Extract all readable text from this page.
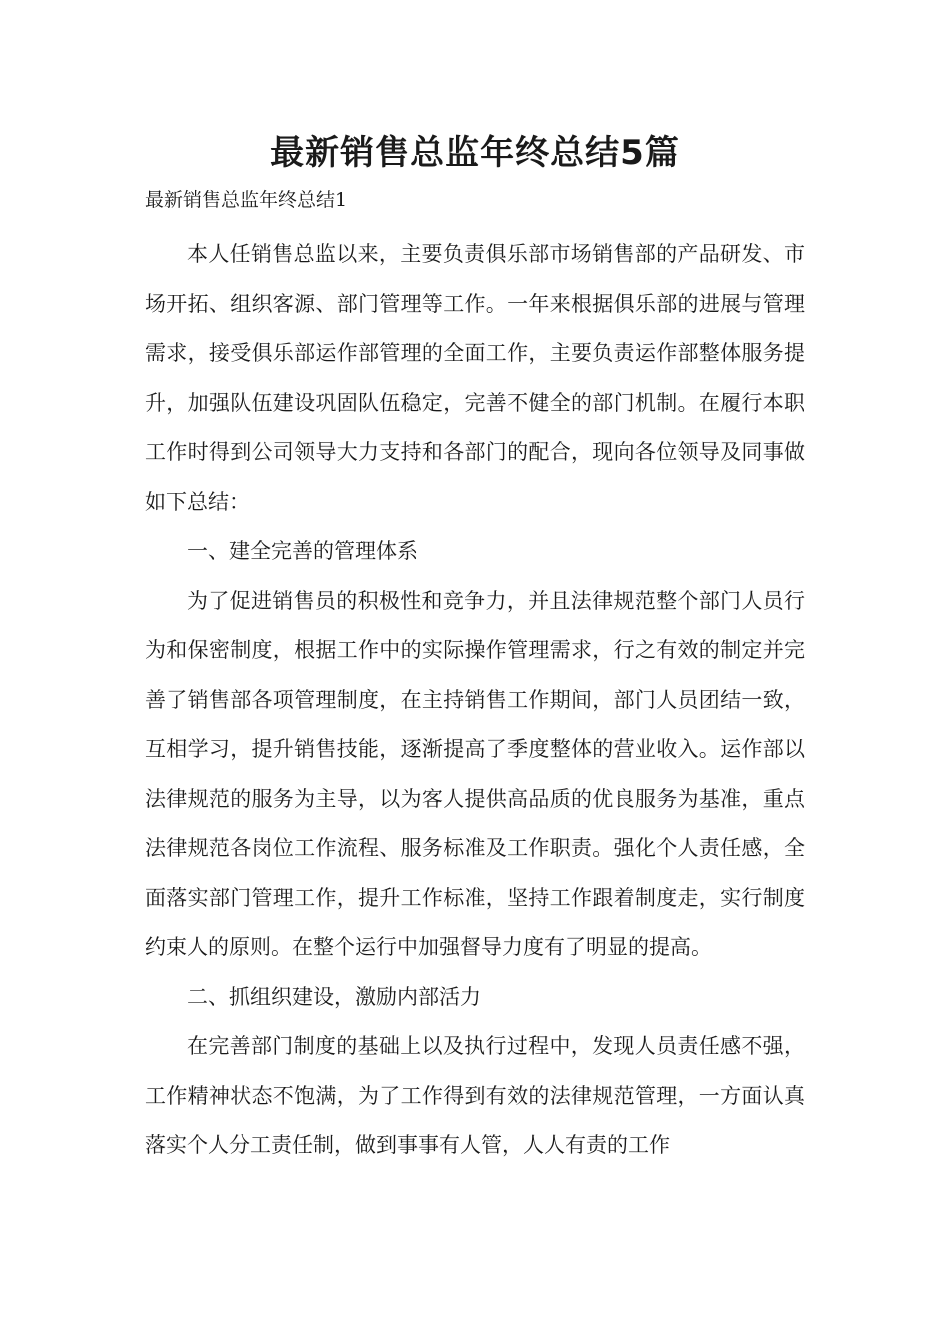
最新销售总监年终总结5篇
最新销售总监年终总结1

本人任销售总监以来，主要负责俱乐部市场销售部的产品研发、市场开拓、组织客源、部门管理等工作。一年来根据俱乐部的进展与管理需求，接受俱乐部运作部管理的全面工作，主要负责运作部整体服务提升，加强队伍建设巩固队伍稳定，完善不健全的部门机制。在履行本职工作时得到公司领导大力支持和各部门的配合，现向各位领导及同事做如下总结：

一、建全完善的管理体系

为了促进销售员的积极性和竞争力，并且法律规范整个部门人员行为和保密制度，根据工作中的实际操作管理需求，行之有效的制定并完善了销售部各项管理制度，在主持销售工作期间，部门人员团结一致，互相学习，提升销售技能，逐渐提高了季度整体的营业收入。运作部以法律规范的服务为主导，以为客人提供高品质的优良服务为基准，重点法律规范各岗位工作流程、服务标准及工作职责。强化个人责任感，全面落实部门管理工作，提升工作标准，坚持工作跟着制度走，实行制度约束人的原则。在整个运行中加强督导力度有了明显的提高。

二、抓组织建设，激励内部活力

在完善部门制度的基础上以及执行过程中，发现人员责任感不强，工作精神状态不饱满，为了工作得到有效的法律规范管理，一方面认真落实个人分工责任制，做到事事有人管，人人有责的工作
